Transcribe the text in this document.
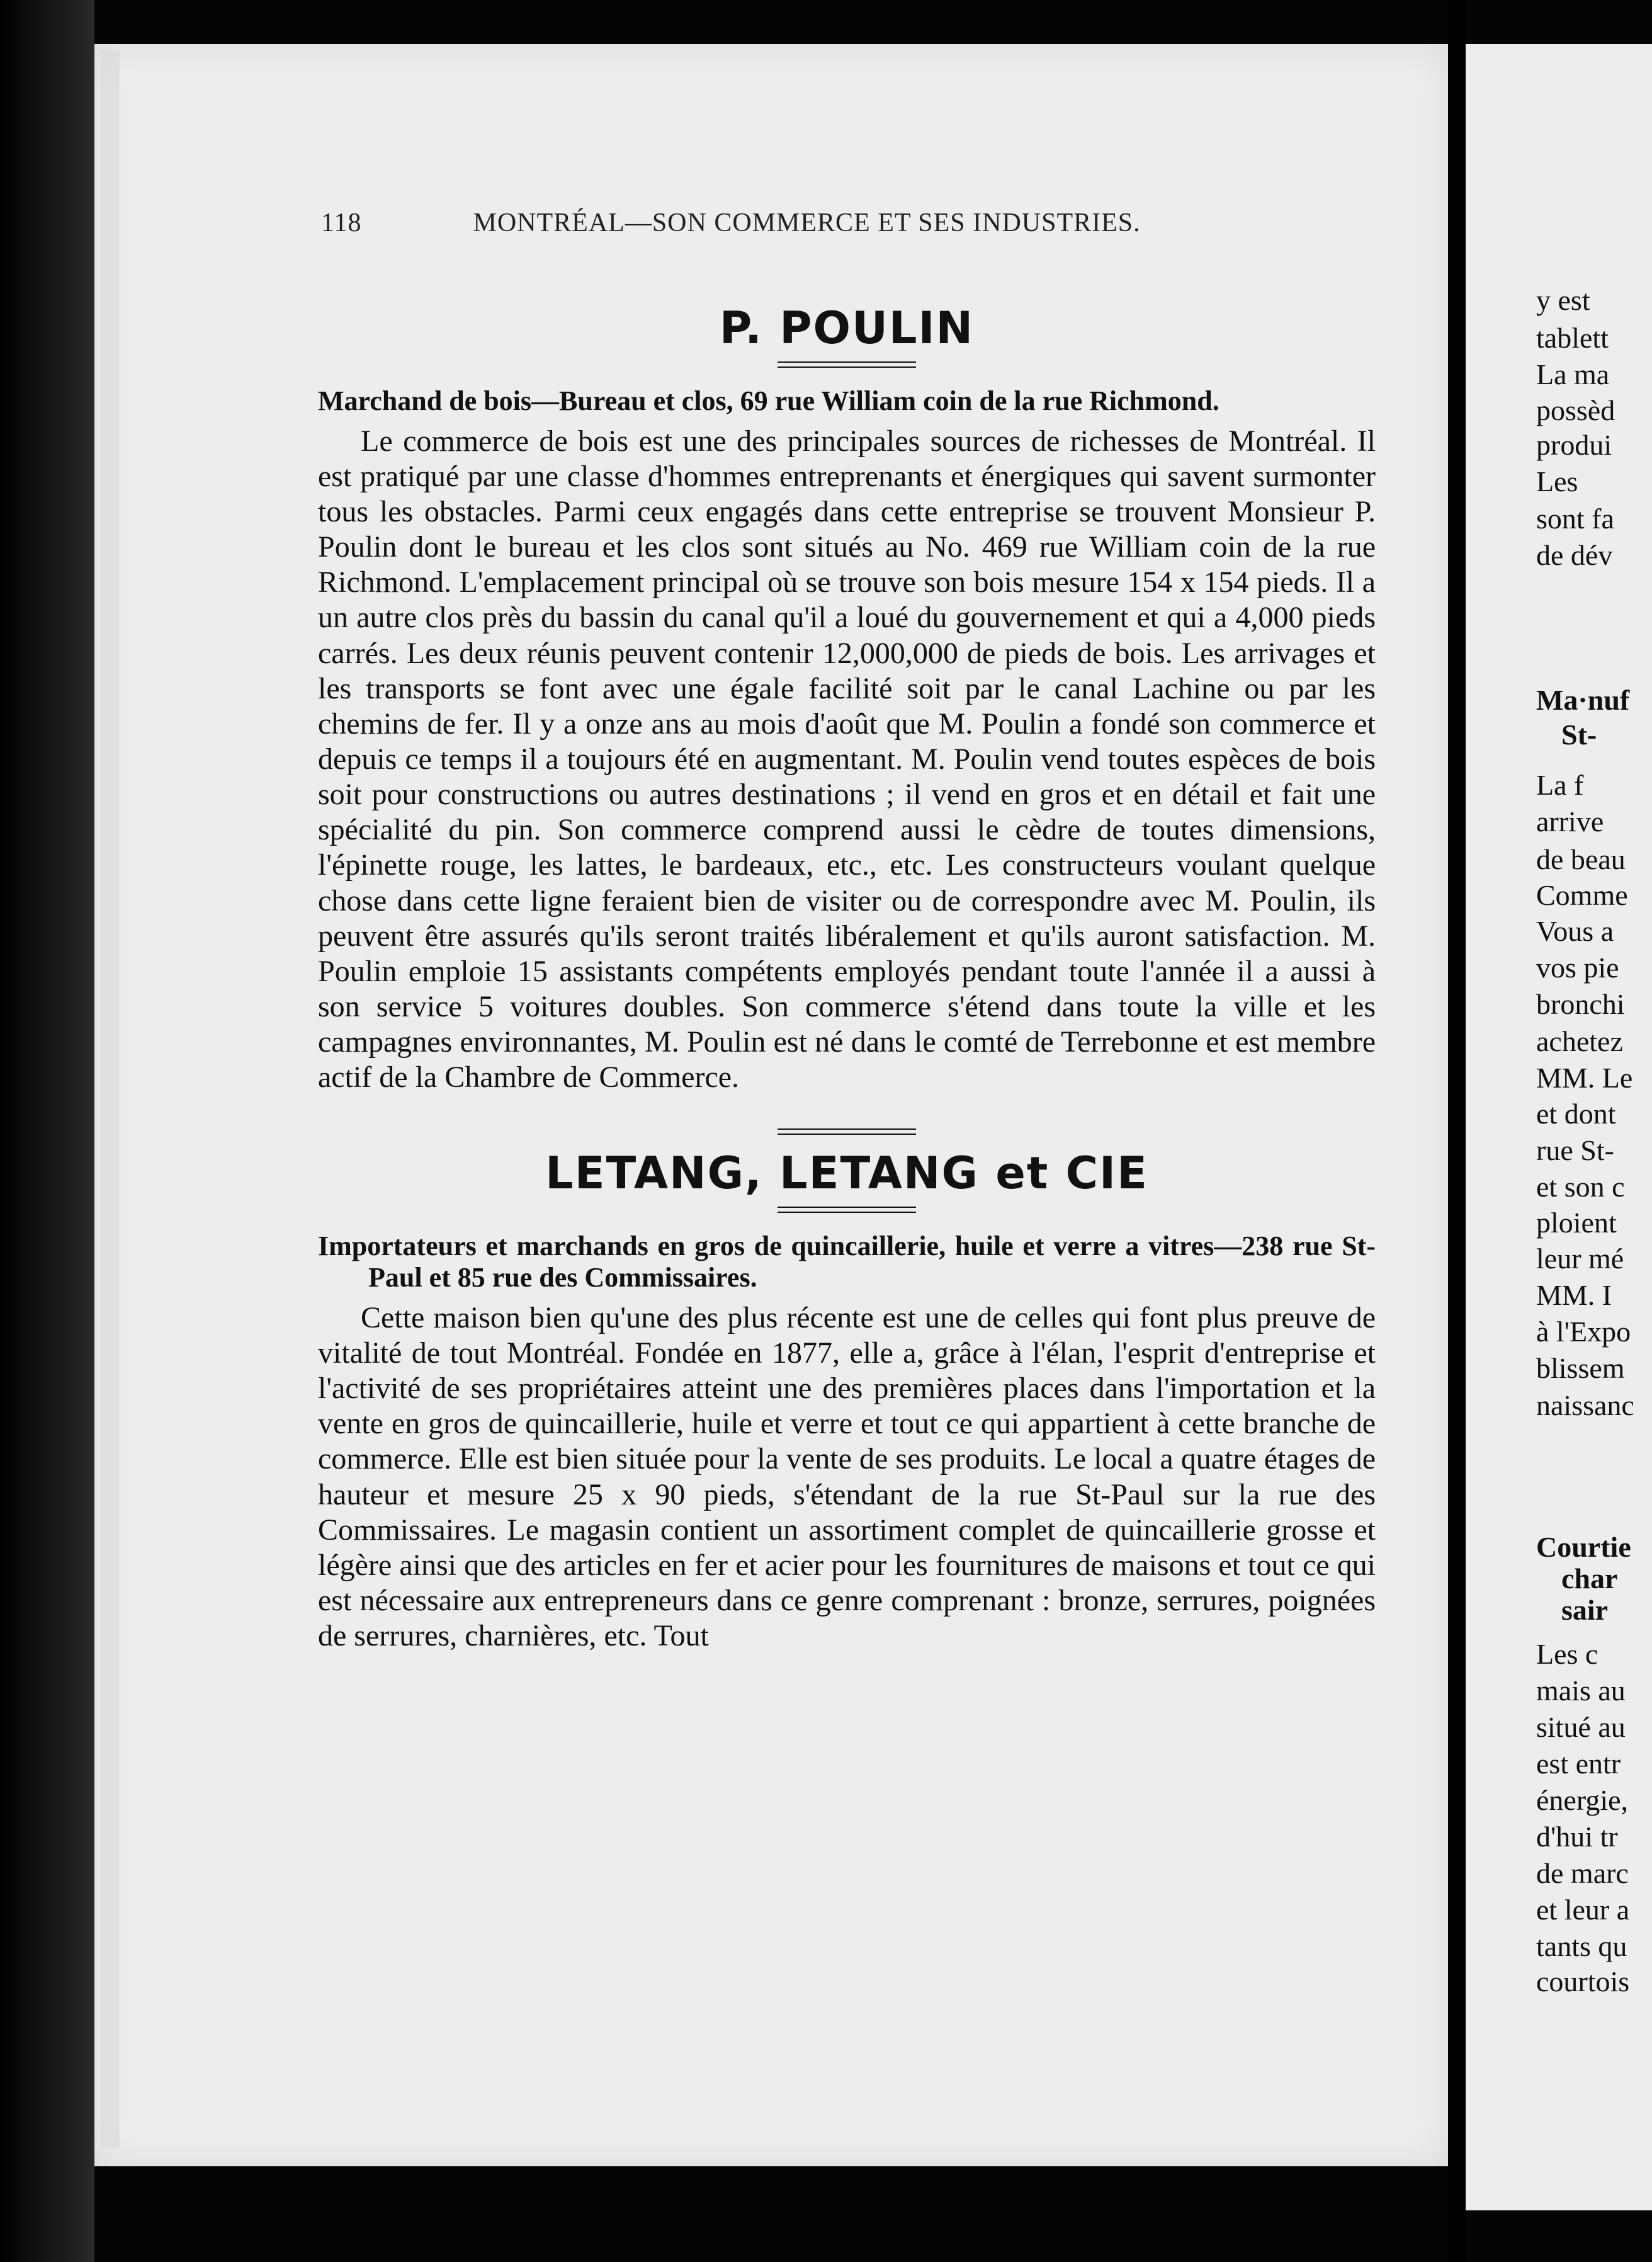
118	MONTRÉAL—SON COMMERCE ET SES INDUSTRIES.
P. POULIN

Marchand de bois—Bureau et clos, 69 rue William coin de la rue Richmond.

Le commerce de bois est une des principales sources de richesses de Montréal. Il est pratiqué par une classe d'hommes entreprenants et énergiques qui savent surmonter tous les obstacles. Parmi ceux engagés dans cette entreprise se trouvent Monsieur P. Poulin dont le bureau et les clos sont situés au No. 469 rue William coin de la rue Richmond. L'emplacement principal où se trouve son bois mesure 154 x 154 pieds. Il a un autre clos près du bassin du canal qu'il a loué du gouvernement et qui a 4,000 pieds carrés. Les deux réunis peuvent contenir 12,000,000 de pieds de bois. Les arrivages et les transports se font avec une égale facilité soit par le canal Lachine ou par les chemins de fer. Il y a onze ans au mois d'août que M. Poulin a fondé son commerce et depuis ce temps il a toujours été en augmentant. M. Poulin vend toutes espèces de bois soit pour constructions ou autres destinations ; il vend en gros et en détail et fait une spécialité du pin. Son commerce comprend aussi le cèdre de toutes dimensions, l'épinette rouge, les lattes, le bardeaux, etc., etc. Les constructeurs voulant quelque chose dans cette ligne feraient bien de visiter ou de correspondre avec M. Poulin, ils peuvent être assurés qu'ils seront traités libéralement et qu'ils auront satisfaction. M. Poulin emploie 15 assistants compétents employés pendant toute l'année il a aussi à son service 5 voitures doubles. Son commerce s'étend dans toute la ville et les campagnes environnantes, M. Poulin est né dans le comté de Terrebonne et est membre actif de la Chambre de Commerce.

LETANG, LETANG et CIE

Importateurs et marchands en gros de quincaillerie, huile et verre a vitres—238 rue St-Paul et 85 rue des Commissaires.

Cette maison bien qu'une des plus récente est une de celles qui font plus preuve de vitalité de tout Montréal. Fondée en 1877, elle a, grâce à l'élan, l'esprit d'entreprise et l'activité de ses propriétaires atteint une des premières places dans l'importation et la vente en gros de quincaillerie, huile et verre et tout ce qui appartient à cette branche de commerce. Elle est bien située pour la vente de ses produits. Le local a quatre étages de hauteur et mesure 25 x 90 pieds, s'étendant de la rue St-Paul sur la rue des Commissaires. Le magasin contient un assortiment complet de quincaillerie grosse et légère ainsi que des articles en fer et acier pour les fournitures de maisons et tout ce qui est nécessaire aux entrepreneurs dans ce genre comprenant : bronze, serrures, poignées de serrures, charnières, etc. Tout

y est
tablett
La ma
possèd
produi
Les
sont fa
de dév
Ma·nuf
St-
La f
arrive
de beau
Comme
Vous a
vos pie
bronchi
achetez
MM. Le
et dont
rue St-
et son c
ploient
leur mé
MM. I
à l'Expo
blissem
naissanc
Courtie
char
sair
Les c
mais au
situé au
est entr
énergie,
d'hui tr
de marc
et leur a
tants qu
courtois
